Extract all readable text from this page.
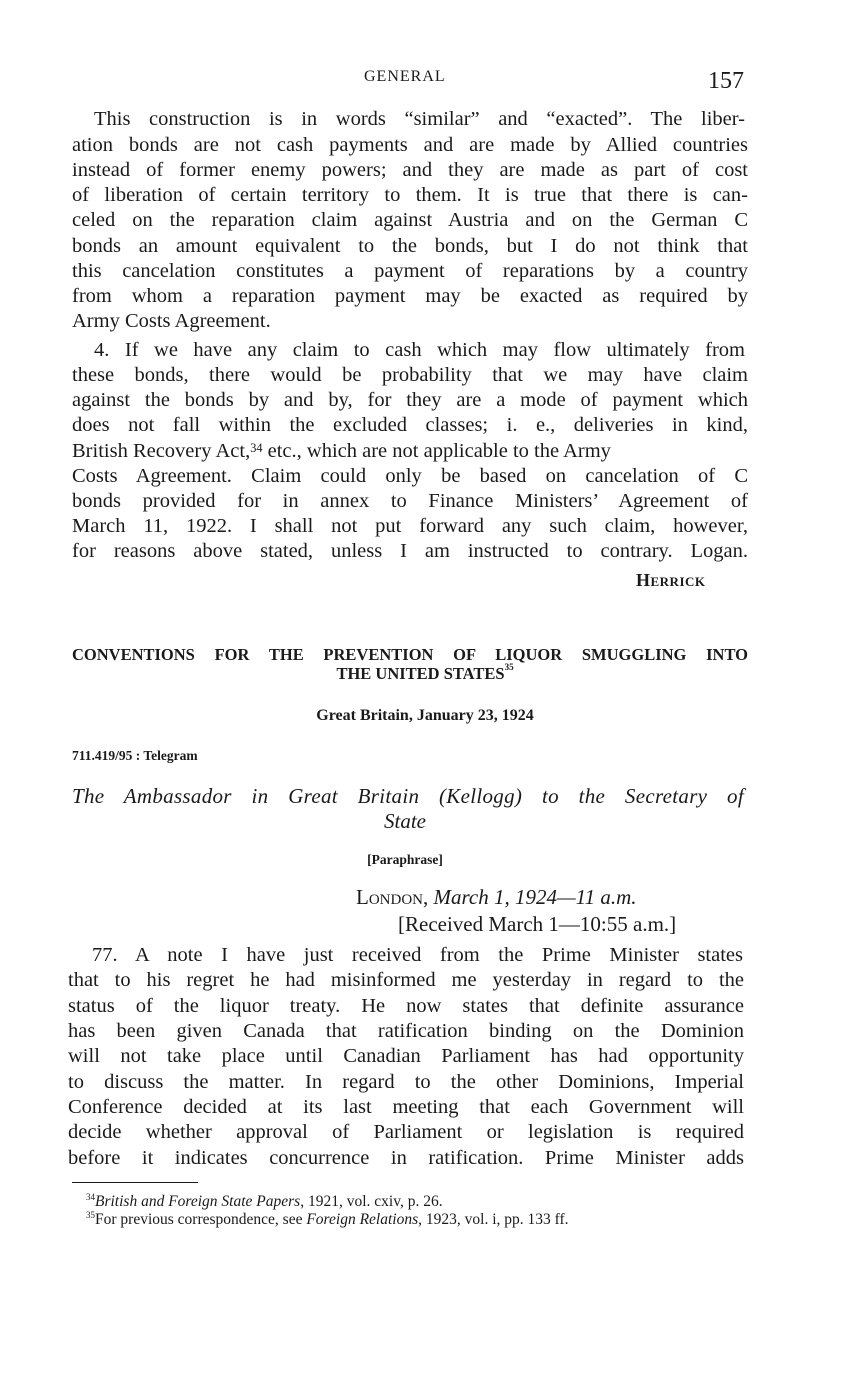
GENERAL	157
This construction is in words “similar” and “exacted”. The liber-
ation bonds are not cash payments and are made by Allied countries
instead of former enemy powers; and they are made as part of cost
of liberation of certain territory to them. It is true that there is can-
celed on the reparation claim against Austria and on the German C
bonds an amount equivalent to the bonds, but I do not think that
this cancelation constitutes a payment of reparations by a country
from whom a reparation payment may be exacted as required by
Army Costs Agreement.
4. If we have any claim to cash which may flow ultimately from
these bonds, there would be probability that we may have claim
against the bonds by and by, for they are a mode of payment which
does not fall within the excluded classes; i. e., deliveries in kind,
British Recovery Act,$^{34}$ etc., which are not applicable to the Army
Costs Agreement. Claim could only be based on cancelation of C
bonds provided for in annex to Finance Ministers’ Agreement of
March 11, 1922. I shall not put forward any such claim, however,
for reasons above stated, unless I am instructed to contrary. Logan.
Herrick
CONVENTIONS FOR THE PREVENTION OF LIQUOR SMUGGLING INTO
THE UNITED STATES$^{35}$
Great Britain, January 23, 1924
711.419/95 : Telegram
The Ambassador in Great Britain (Kellogg) to the Secretary of
State
[Paraphrase]
London, March 1, 1924—11 a.m.
[Received March 1—10:55 a.m.]
77. A note I have just received from the Prime Minister states
that to his regret he had misinformed me yesterday in regard to the
status of the liquor treaty. He now states that definite assurance
has been given Canada that ratification binding on the Dominion
will not take place until Canadian Parliament has had opportunity
to discuss the matter. In regard to the other Dominions, Imperial
Conference decided at its last meeting that each Government will
decide whether approval of Parliament or legislation is required
before it indicates concurrence in ratification. Prime Minister adds
$^{34}$British and Foreign State Papers, 1921, vol. cxiv, p. 26.
$^{35}$For previous correspondence, see Foreign Relations, 1923, vol. i, pp. 133 ff.
